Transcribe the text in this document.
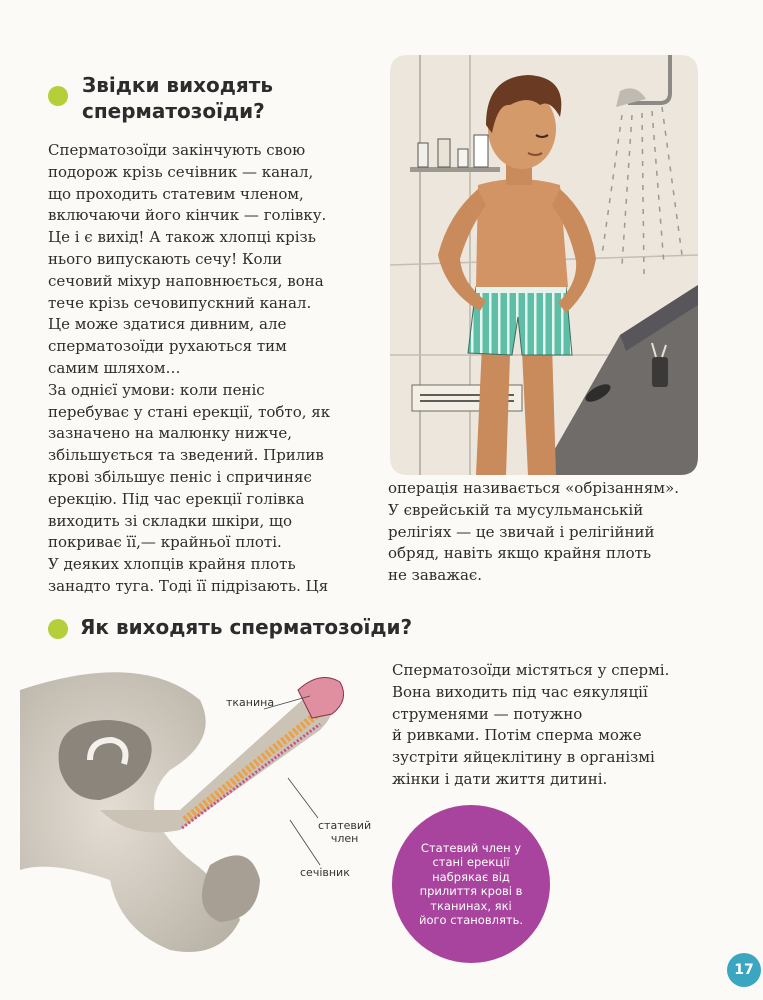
Звідки виходять
сперматозоїди?

Сперматозоїди закінчують свою

подорож крізь сечівник — канал,

що проходить статевим членом,

включаючи його кінчик — голівку.

Це і є вихід! А також хлопці крізь

нього випускають сечу! Коли

сечовий міхур наповнюється, вона

тече крізь сечовипускний канал.

Це може здатися дивним, але

сперматозоїди рухаються тим

самим шляхом…

За однієї умови: коли пеніс

перебуває у стані ерекції, тобто, як

зазначено на малюнку нижче,

збільшується та зведений. Прилив

крові збільшує пеніс і спричиняє

ерекцію. Під час ерекції голівка

виходить зі складки шкіри, що

покриває її,— крайньої плоті.

У деяких хлопців крайня плоть

занадто туга. Тоді її підрізають. Ця

операція називається «обрізанням».

У єврейській та мусульманській

релігіях — це звичай і релігійний

обряд, навіть якщо крайня плоть

не заважає.

Як виходять сперматозоїди?
тканина
статевий
член
сечівник

Сперматозоїди містяться у спермі.

Вона виходить під час еякуляції

струменями — потужно

й ривками. Потім сперма може

зустріти яйцеклітину в організмі

жінки і дати життя дитині.

Статевий член у стані ерекції набрякає від прилиття крові в тканинах, які його становлять.
17
